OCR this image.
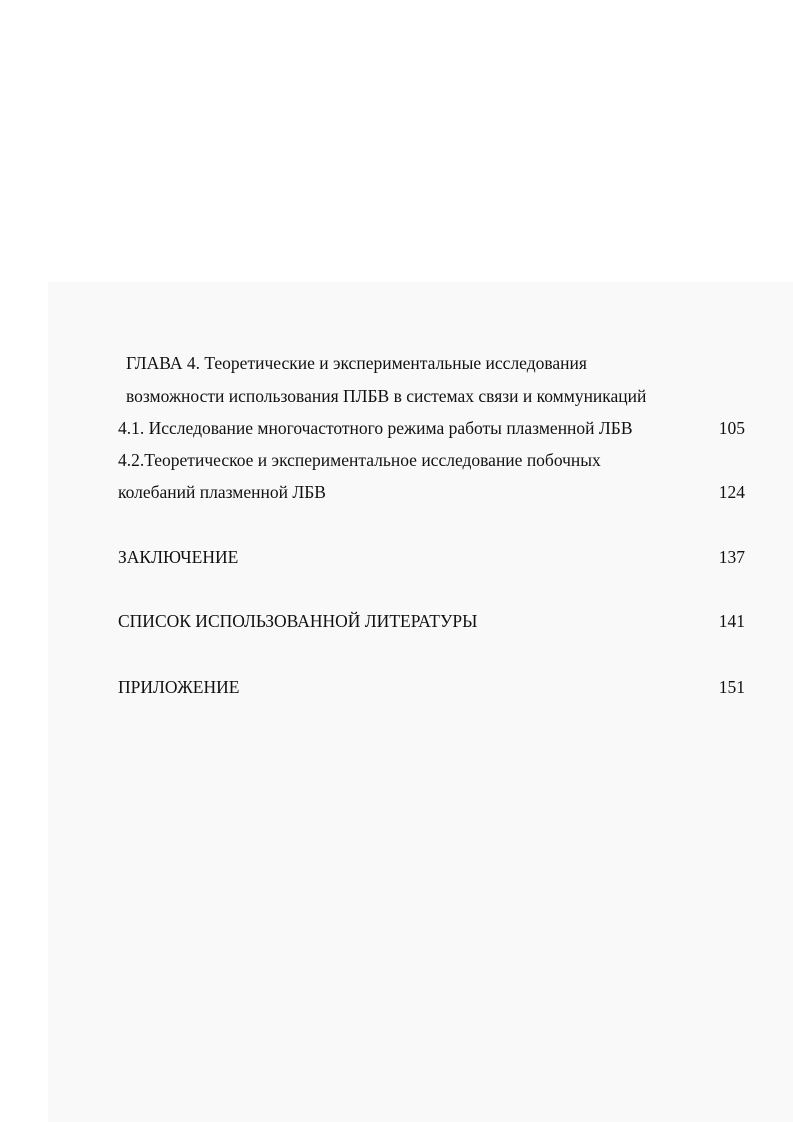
ГЛАВА 4. Теоретические и экспериментальные исследования
возможности использования ПЛБВ в системах связи и коммуникаций
4.1. Исследование многочастотного режима работы плазменной ЛБВ	105
4.2.Теоретическое и экспериментальное исследование побочных
колебаний плазменной ЛБВ	124
ЗАКЛЮЧЕНИЕ	137
СПИСОК ИСПОЛЬЗОВАННОЙ ЛИТЕРАТУРЫ	141
ПРИЛОЖЕНИЕ	151
